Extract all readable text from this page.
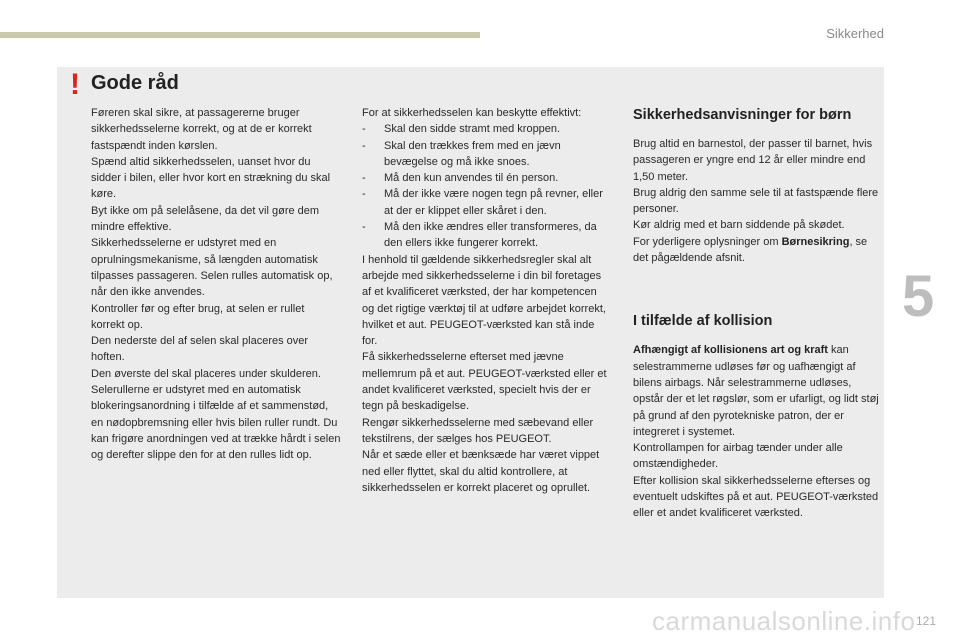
Sikkerhed
5
! Gode råd

Føreren skal sikre, at passagererne bruger sikkerhedsselerne korrekt, og at de er korrekt fastspændt inden kørslen.

Spænd altid sikkerhedsselen, uanset hvor du sidder i bilen, eller hvor kort en strækning du skal køre.

Byt ikke om på selelåsene, da det vil gøre dem mindre effektive.

Sikkerhedsselerne er udstyret med en oprulningsmekanisme, så længden automatisk tilpasses passageren. Selen rulles automatisk op, når den ikke anvendes.

Kontroller før og efter brug, at selen er rullet korrekt op.

Den nederste del af selen skal placeres over hoften.

Den øverste del skal placeres under skulderen.

Selerullerne er udstyret med en automatisk blokeringsanordning i tilfælde af et sammenstød, en nødopbremsning eller hvis bilen ruller rundt. Du kan frigøre anordningen ved at trække hårdt i selen og derefter slippe den for at den rulles lidt op.

For at sikkerhedsselen kan beskytte effektivt:

- Skal den sidde stramt med kroppen.

- Skal den trækkes frem med en jævn bevægelse og må ikke snoes.

- Må den kun anvendes til én person.

- Må der ikke være nogen tegn på revner, eller at der er klippet eller skåret i den.

- Må den ikke ændres eller transformeres, da den ellers ikke fungerer korrekt.

I henhold til gældende sikkerhedsregler skal alt arbejde med sikkerhedsselerne i din bil foretages af et kvalificeret værksted, der har kompetencen og det rigtige værktøj til at udføre arbejdet korrekt, hvilket et aut. PEUGEOT-værksted kan stå inde for.

Få sikkerhedsselerne efterset med jævne mellemrum på et aut. PEUGEOT-værksted eller et andet kvalificeret værksted, specielt hvis der er tegn på beskadigelse.

Rengør sikkerhedsselerne med sæbevand eller tekstilrens, der sælges hos PEUGEOT.

Når et sæde eller et bænksæde har været vippet ned eller flyttet, skal du altid kontrollere, at sikkerhedsselen er korrekt placeret og oprullet.

Sikkerhedsanvisninger for børn

Brug altid en barnestol, der passer til barnet, hvis passageren er yngre end 12 år eller mindre end 1,50 meter.

Brug aldrig den samme sele til at fastspænde flere personer.

Kør aldrig med et barn siddende på skødet.

For yderligere oplysninger om Børnesikring, se det pågældende afsnit.

I tilfælde af kollision

Afhængigt af kollisionens art og kraft kan selestrammerne udløses før og uafhængigt af bilens airbags. Når selestrammerne udløses, opstår der et let røgslør, som er ufarligt, og lidt støj på grund af den pyrotekniske patron, der er integreret i systemet.

Kontrollampen for airbag tænder under alle omstændigheder.

Efter kollision skal sikkerhedsselerne efterses og eventuelt udskiftes på et aut. PEUGEOT-værksted eller et andet kvalificeret værksted.

carmanualsonline.info 121
